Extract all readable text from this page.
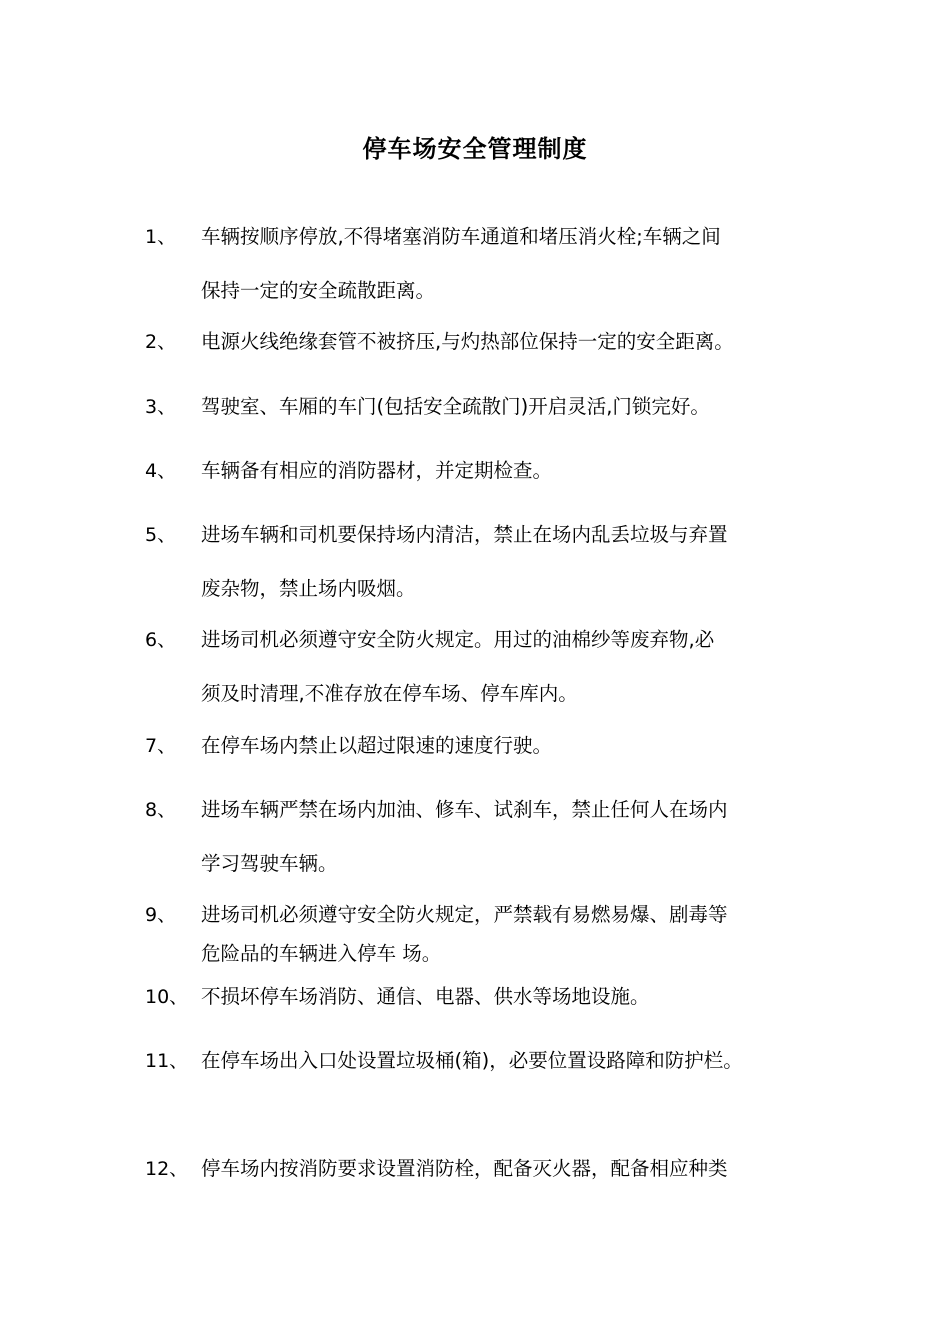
停车场安全管理制度
1、 车辆按顺序停放,不得堵塞消防车通道和堵压消火栓;车辆之间
保持一定的安全疏散距离。
2、 电源火线绝缘套管不被挤压,与灼热部位保持一定的安全距离。
3、 驾驶室、车厢的车门(包括安全疏散门)开启灵活,门锁完好。
4、 车辆备有相应的消防器材，并定期检查。
5、 进场车辆和司机要保持场内清洁，禁止在场内乱丢垃圾与弃置
废杂物，禁止场内吸烟。
6、 进场司机必须遵守安全防火规定。用过的油棉纱等废弃物,必
须及时清理,不准存放在停车场、停车库内。
7、 在停车场内禁止以超过限速的速度行驶。
8、 进场车辆严禁在场内加油、修车、试刹车，禁止任何人在场内
学习驾驶车辆。
9、 进场司机必须遵守安全防火规定，严禁载有易燃易爆、剧毒等
危险品的车辆进入停车 场。
10、 不损坏停车场消防、通信、电器、供水等场地设施。
11、 在停车场出入口处设置垃圾桶(箱)，必要位置设路障和防护栏。
12、 停车场内按消防要求设置消防栓，配备灭火器，配备相应种类
